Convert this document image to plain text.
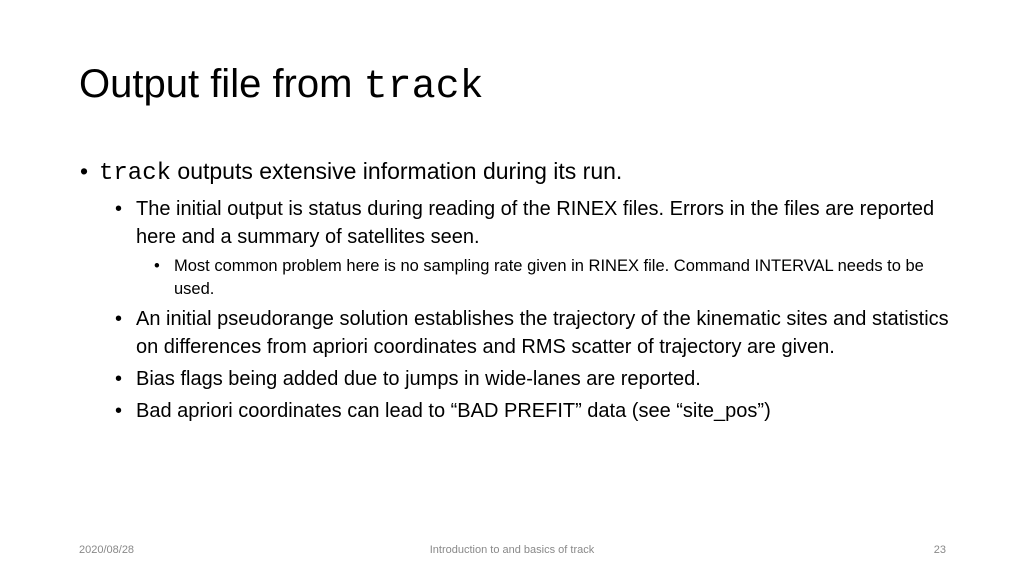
Output file from track
• track outputs extensive information during its run.
• The initial output is status during reading of the RINEX files. Errors in the files are reported here and a summary of satellites seen.
• Most common problem here is no sampling rate given in RINEX file. Command INTERVAL needs to be used.
• An initial pseudorange solution establishes the trajectory of the kinematic sites and statistics on differences from apriori coordinates and RMS scatter of trajectory are given.
• Bias flags being added due to jumps in wide-lanes are reported.
• Bad apriori coordinates can lead to “BAD PREFIT” data (see “site_pos”)
2020/08/28	Introduction to and basics of track	23
